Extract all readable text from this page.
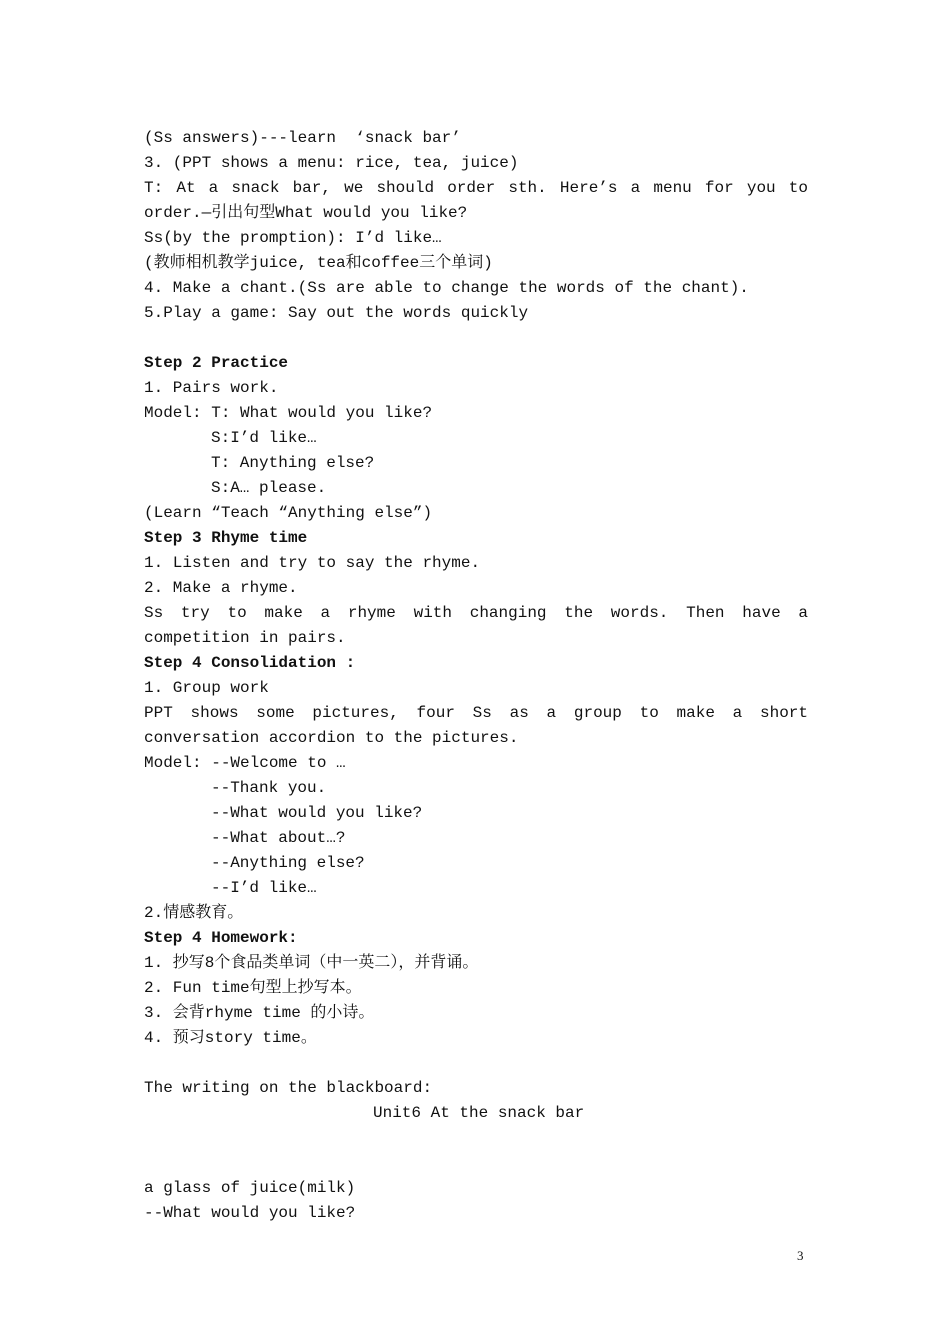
(Ss answers)---learn  ‘snack bar’
3. (PPT shows a menu: rice, tea, juice)
T: At a snack bar, we should order sth. Here’s a menu for you to
order.—引出句型What would you like?
Ss(by the promption): I’d like…
(教师相机教学juice, tea和coffee三个单词)
4. Make a chant.(Ss are able to change the words of the chant).
5.Play a game: Say out the words quickly
Step 2 Practice
1. Pairs work.
Model: T: What would you like?
S:I’d like…
T: Anything else?
S:A… please.
(Learn “Teach “Anything else”)
Step 3 Rhyme time
1. Listen and try to say the rhyme.
2. Make a rhyme.
Ss try to make a rhyme with changing the words. Then have a
competition in pairs.
Step 4 Consolidation :
1. Group work
PPT shows some pictures, four Ss as a group to make a short
conversation accordion to the pictures.
Model: --Welcome to …
--Thank you.
--What would you like?
--What about…?
--Anything else?
--I’d like…
2.情感教育。
Step 4 Homework:
1. 抄写8个食品类单词（中一英二），并背诵。
2. Fun time句型上抄写本。
3. 会背rhyme time 的小诗。
4. 预习story time。
The writing on the blackboard:
Unit6 At the snack bar

a glass of juice(milk)
--What would you like?
3
